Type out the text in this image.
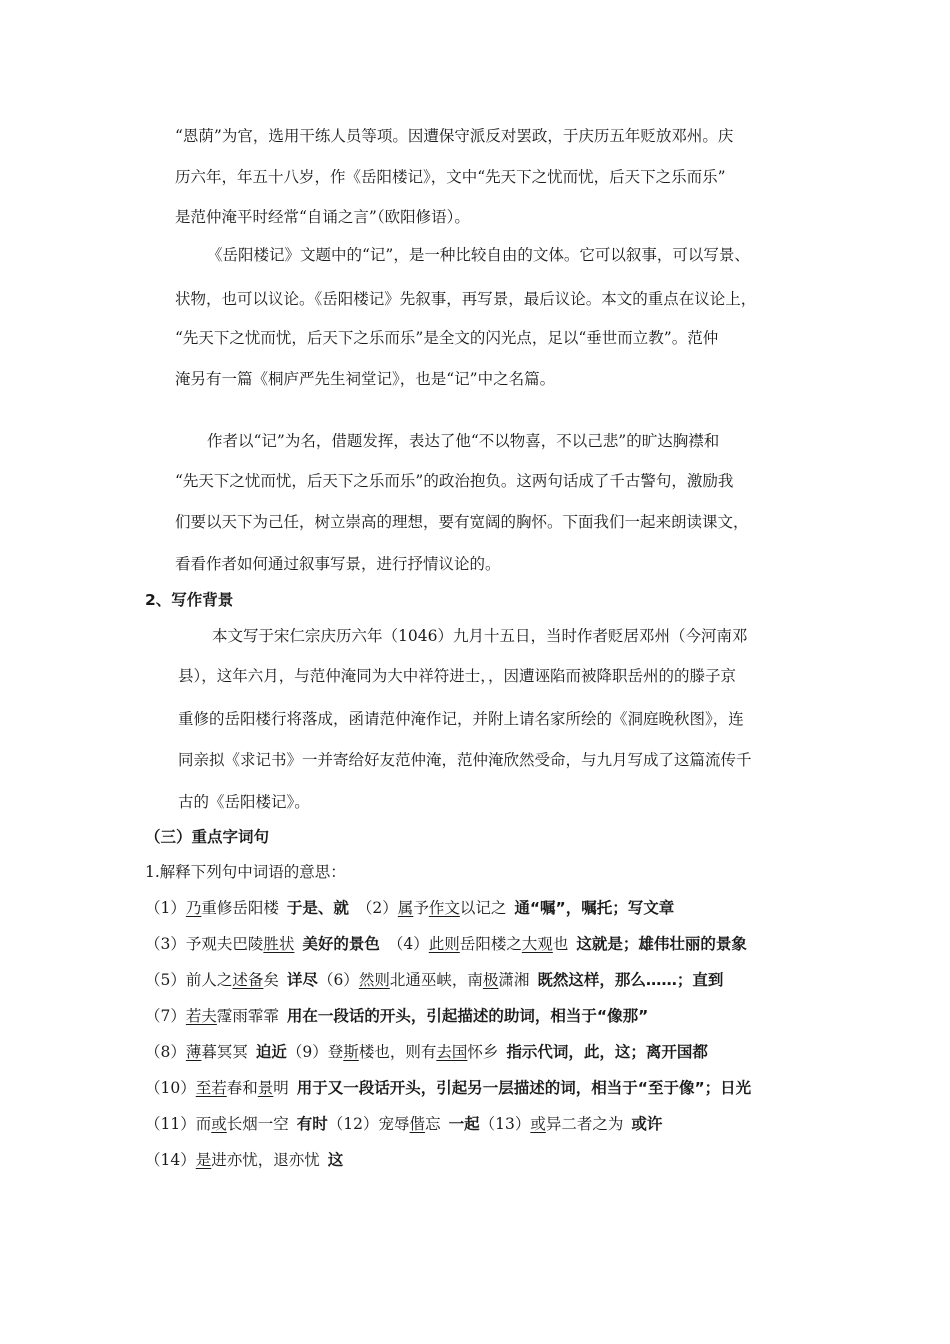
“恩荫”为官，选用干练人员等项。因遭保守派反对罢政，于庆历五年贬放邓州。庆
历六年，年五十八岁，作《岳阳楼记》，文中“先天下之忧而忧，后天下之乐而乐”
是范仲淹平时经常“自诵之言”（欧阳修语）。
《岳阳楼记》文题中的“记”，是一种比较自由的文体。它可以叙事，可以写景、
状物，也可以议论。《岳阳楼记》先叙事，再写景，最后议论。本文的重点在议论上，
“先天下之忧而忧，后天下之乐而乐”是全文的闪光点，足以“垂世而立教”。范仲
淹另有一篇《桐庐严先生祠堂记》，也是“记”中之名篇。
作者以“记”为名，借题发挥，表达了他“不以物喜，不以己悲”的旷达胸襟和
“先天下之忧而忧，后天下之乐而乐”的政治抱负。这两句话成了千古警句，激励我
们要以天下为己任，树立崇高的理想，要有宽阔的胸怀。下面我们一起来朗读课文，
看看作者如何通过叙事写景，进行抒情议论的。
2、写作背景
本文写于宋仁宗庆历六年（1046）九月十五日，当时作者贬居邓州（今河南邓
县），这年六月，与范仲淹同为大中祥符进士，，因遭诬陷而被降职岳州的的滕子京
重修的岳阳楼行将落成，函请范仲淹作记，并附上请名家所绘的《洞庭晚秋图》，连
同亲拟《求记书》一并寄给好友范仲淹，范仲淹欣然受命，与九月写成了这篇流传千
古的《岳阳楼记》。
（三）重点字词句
1.解释下列句中词语的意思：
（1）乃重修岳阳楼 于是、就 （2）属予作文以记之 通“嘱”，嘱托；写文章
（3）予观夫巴陵胜状 美好的景色 （4）此则岳阳楼之大观也 这就是；雄伟壮丽的景象
（5）前人之述备矣 详尽（6）然则北通巫峡，南极潇湘 既然这样，那么……；直到
（7）若夫霪雨霏霏 用在一段话的开头，引起描述的助词，相当于“像那”
（8）薄暮冥冥 迫近（9）登斯楼也，则有去国怀乡 指示代词，此，这；离开国都
（10）至若春和景明 用于又一段话开头，引起另一层描述的词，相当于“至于像”；日光
（11）而或长烟一空 有时（12）宠辱偕忘 一起（13）或异二者之为 或许
（14）是进亦忧，退亦忧 这
